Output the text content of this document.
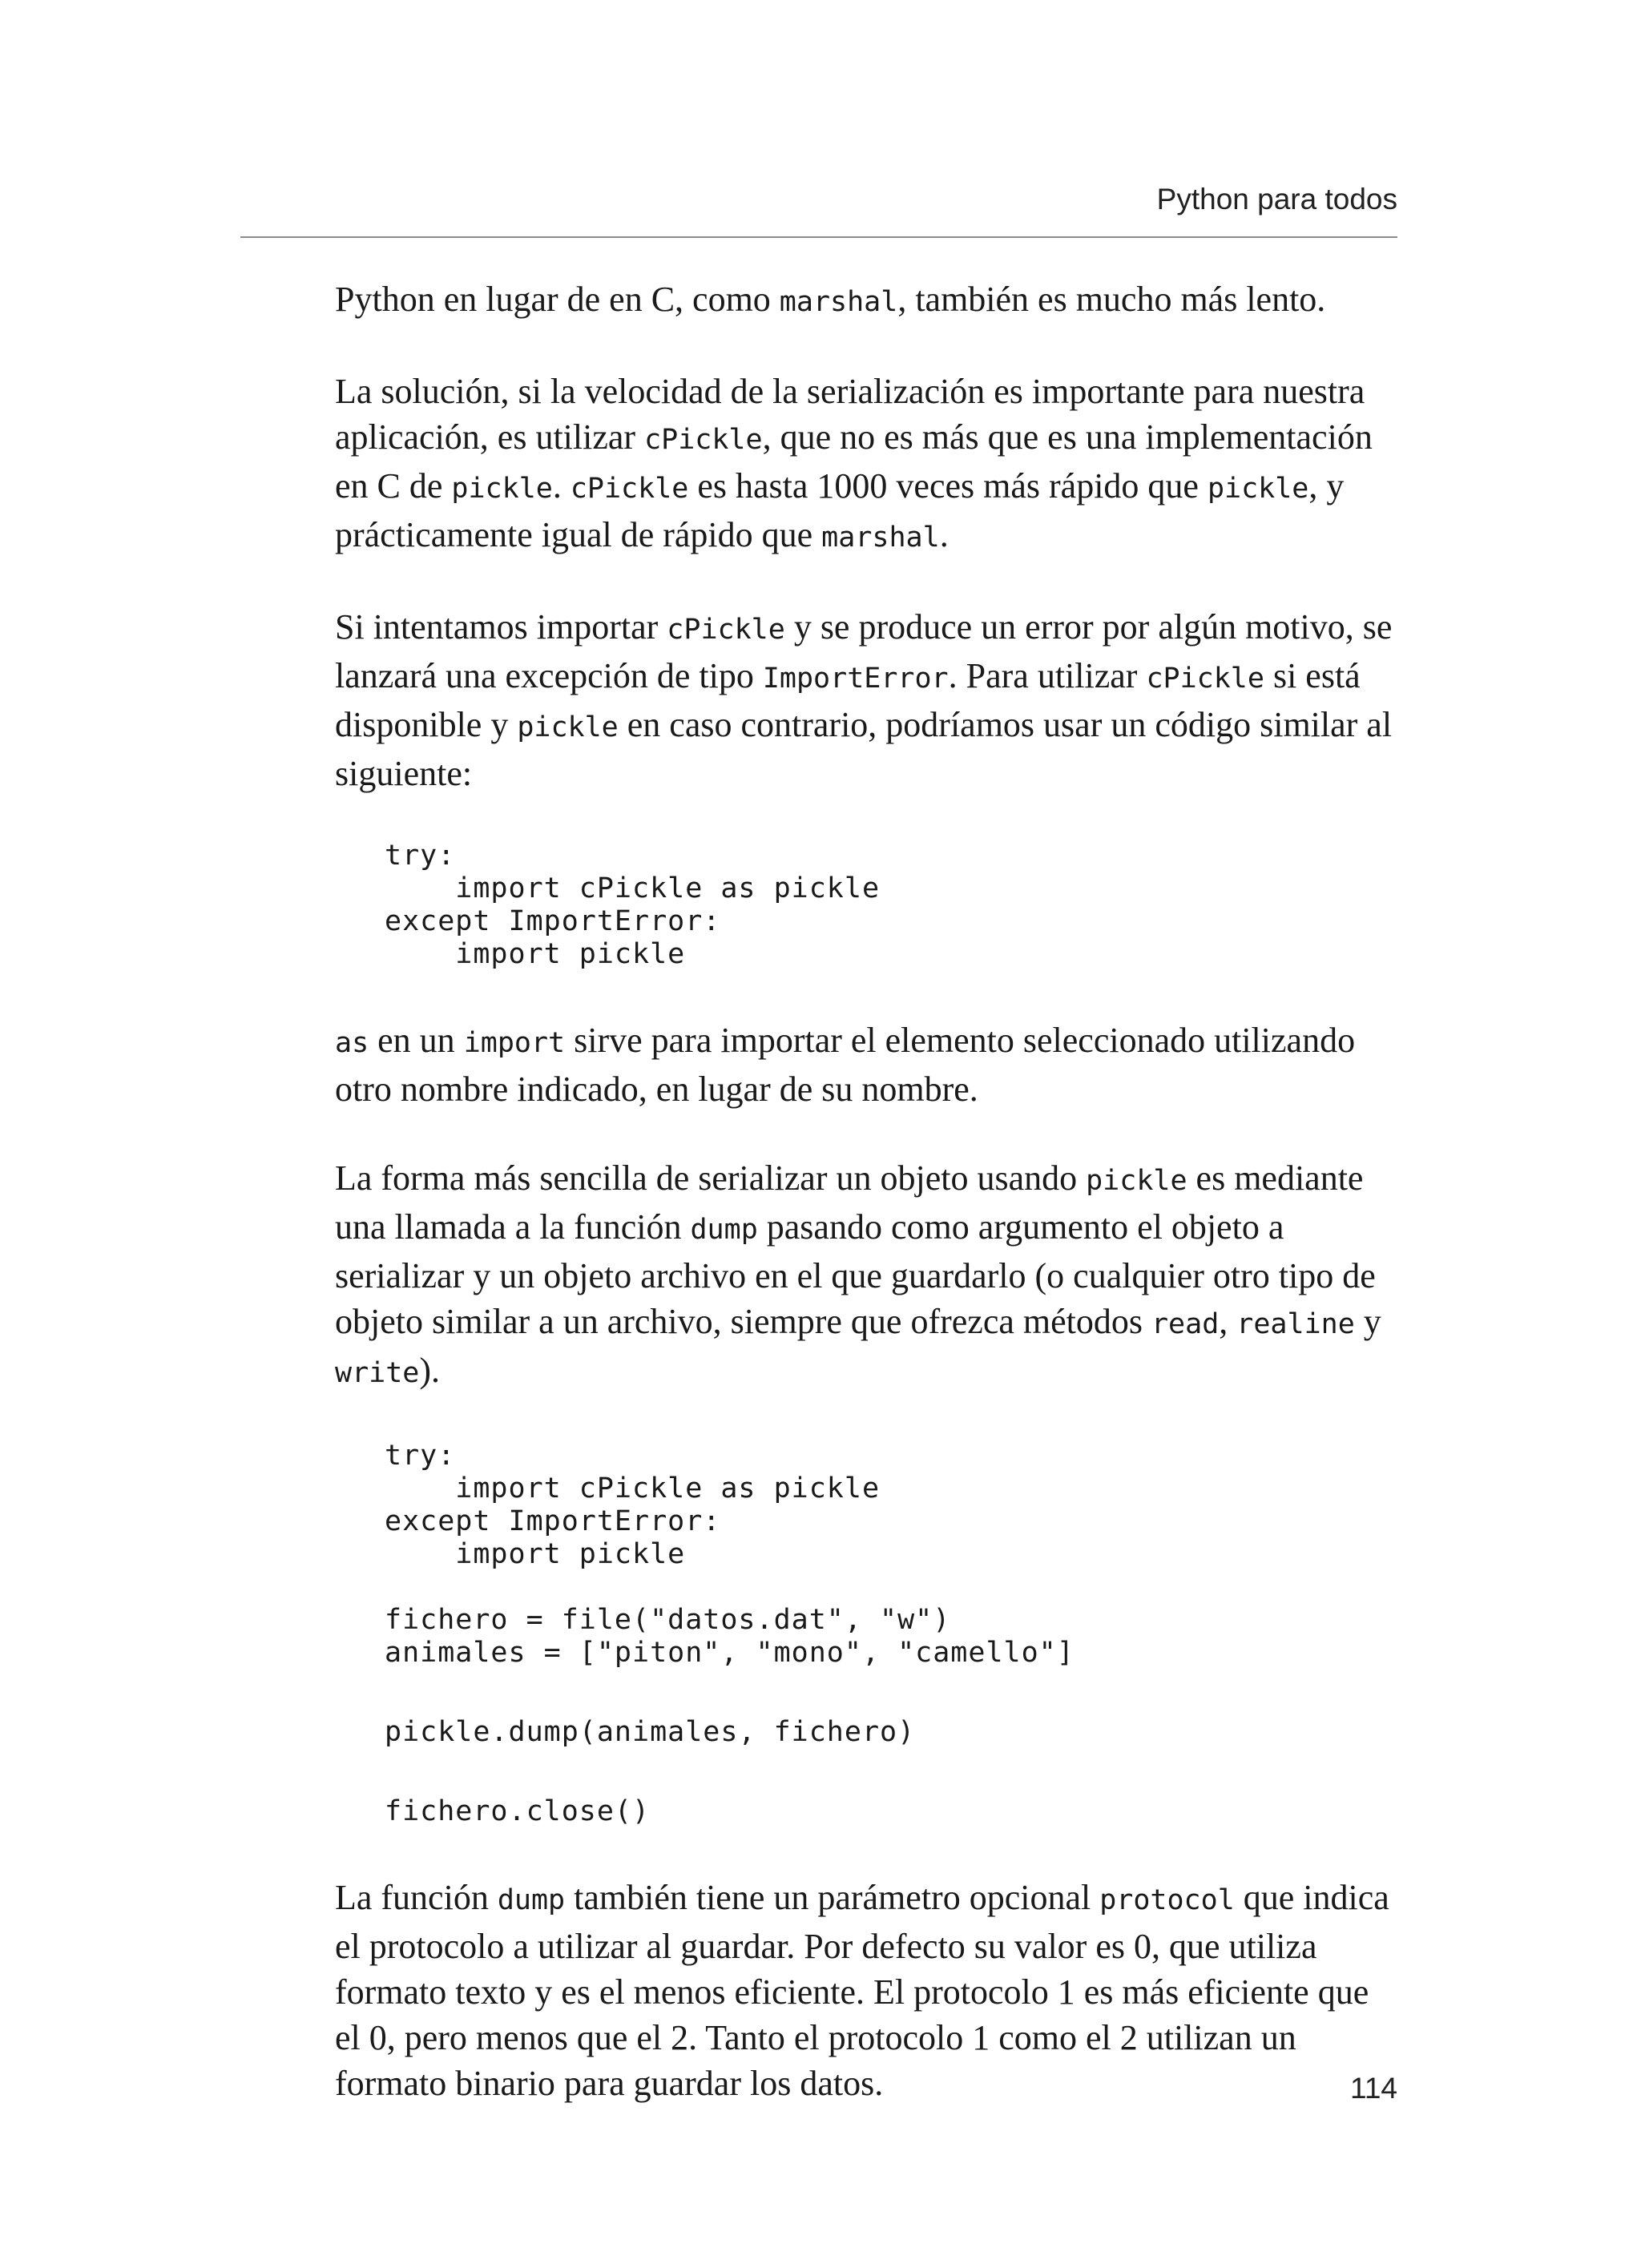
Python para todos

Python en lugar de en C, como marshal, también es mucho más lento.

La solución, si la velocidad de la serialización es importante para nuestra aplicación, es utilizar cPickle, que no es más que es una implementación en C de pickle. cPickle es hasta 1000 veces más rápido que pickle, y prácticamente igual de rápido que marshal.

Si intentamos importar cPickle y se produce un error por algún motivo, se lanzará una excepción de tipo ImportError. Para utilizar cPickle si está disponible y pickle en caso contrario, podríamos usar un código similar al siguiente:

try:
import cPickle as pickle
except ImportError:
import pickle

as en un import sirve para importar el elemento seleccionado utilizando otro nombre indicado, en lugar de su nombre.

La forma más sencilla de serializar un objeto usando pickle es mediante una llamada a la función dump pasando como argumento el objeto a serializar y un objeto archivo en el que guardarlo (o cualquier otro tipo de objeto similar a un archivo, siempre que ofrezca métodos read, realine y write).

try:
import cPickle as pickle
except ImportError:
import pickle

fichero = file("datos.dat", "w")
animales = ["piton", "mono", "camello"]
pickle.dump(animales, fichero)
fichero.close()

La función dump también tiene un parámetro opcional protocol que indica el protocolo a utilizar al guardar. Por defecto su valor es 0, que utiliza formato texto y es el menos eficiente. El protocolo 1 es más eficiente que el 0, pero menos que el 2. Tanto el protocolo 1 como el 2 utilizan un formato binario para guardar los datos.	114
